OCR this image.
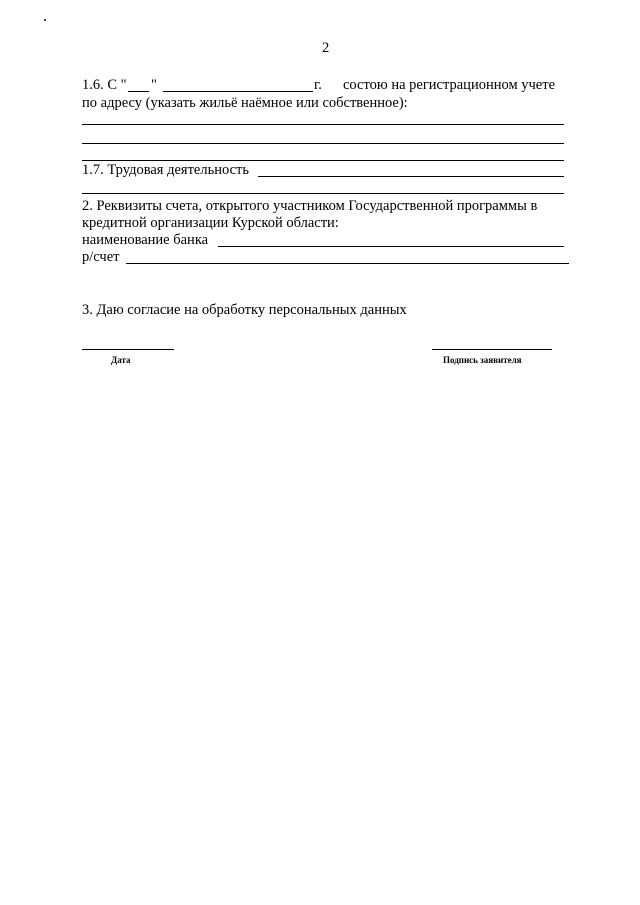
2
1.6. С " "	г. состою на регистрационном учете
по адресу (указать жильё наёмное или собственное):
1.7. Трудовая деятельность
2. Реквизиты счета, открытого участником Государственной программы в
кредитной организации Курской области:
наименование банка
р/счет
3. Даю согласие на обработку персональных данных
Дата	Подпись заявителя
